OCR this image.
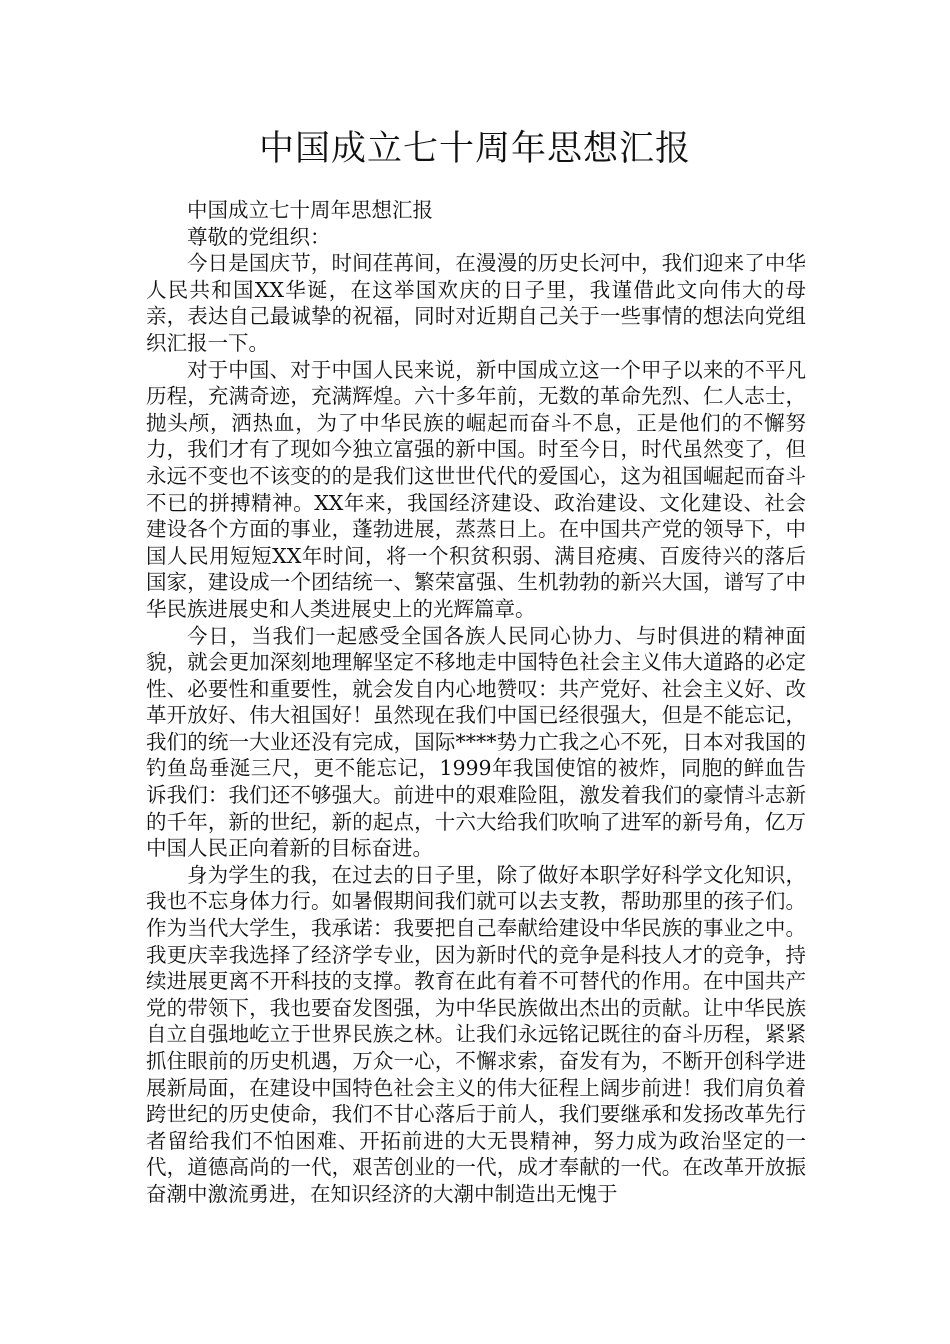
中国成立七十周年思想汇报

中国成立七十周年思想汇报

尊敬的党组织：

今日是国庆节，时间荏苒间，在漫漫的历史长河中，我们迎来了中华人民共和国XX华诞，在这举国欢庆的日子里，我谨借此文向伟大的母亲，表达自己最诚挚的祝福，同时对近期自己关于一些事情的想法向党组织汇报一下。

对于中国、对于中国人民来说，新中国成立这一个甲子以来的不平凡历程，充满奇迹，充满辉煌。六十多年前，无数的革命先烈、仁人志士，抛头颅，洒热血，为了中华民族的崛起而奋斗不息，正是他们的不懈努力，我们才有了现如今独立富强的新中国。时至今日，时代虽然变了，但永远不变也不该变的的是我们这世世代代的爱国心，这为祖国崛起而奋斗不已的拼搏精神。XX年来，我国经济建设、政治建设、文化建设、社会建设各个方面的事业，蓬勃进展，蒸蒸日上。在中国共产党的领导下，中国人民用短短XX年时间，将一个积贫积弱、满目疮痍、百废待兴的落后国家，建设成一个团结统一、繁荣富强、生机勃勃的新兴大国，谱写了中华民族进展史和人类进展史上的光辉篇章。

今日，当我们一起感受全国各族人民同心协力、与时俱进的精神面貌，就会更加深刻地理解坚定不移地走中国特色社会主义伟大道路的必定性、必要性和重要性，就会发自内心地赞叹：共产党好、社会主义好、改革开放好、伟大祖国好！虽然现在我们中国已经很强大，但是不能忘记，我们的统一大业还没有完成，国际****势力亡我之心不死，日本对我国的钓鱼岛垂涎三尺，更不能忘记，1999年我国使馆的被炸，同胞的鲜血告诉我们：我们还不够强大。前进中的艰难险阻，激发着我们的豪情斗志新的千年，新的世纪，新的起点，十六大给我们吹响了进军的新号角，亿万中国人民正向着新的目标奋进。

身为学生的我，在过去的日子里，除了做好本职学好科学文化知识，我也不忘身体力行。如暑假期间我们就可以去支教，帮助那里的孩子们。作为当代大学生，我承诺：我要把自己奉献给建设中华民族的事业之中。我更庆幸我选择了经济学专业，因为新时代的竞争是科技人才的竞争，持续进展更离不开科技的支撑。教育在此有着不可替代的作用。在中国共产党的带领下，我也要奋发图强，为中华民族做出杰出的贡献。让中华民族自立自强地屹立于世界民族之林。让我们永远铭记既往的奋斗历程，紧紧抓住眼前的历史机遇，万众一心，不懈求索，奋发有为，不断开创科学进展新局面，在建设中国特色社会主义的伟大征程上阔步前进！我们肩负着跨世纪的历史使命，我们不甘心落后于前人，我们要继承和发扬改革先行者留给我们不怕困难、开拓前进的大无畏精神，努力成为政治坚定的一代，道德高尚的一代，艰苦创业的一代，成才奉献的一代。在改革开放振奋潮中激流勇进，在知识经济的大潮中制造出无愧于
